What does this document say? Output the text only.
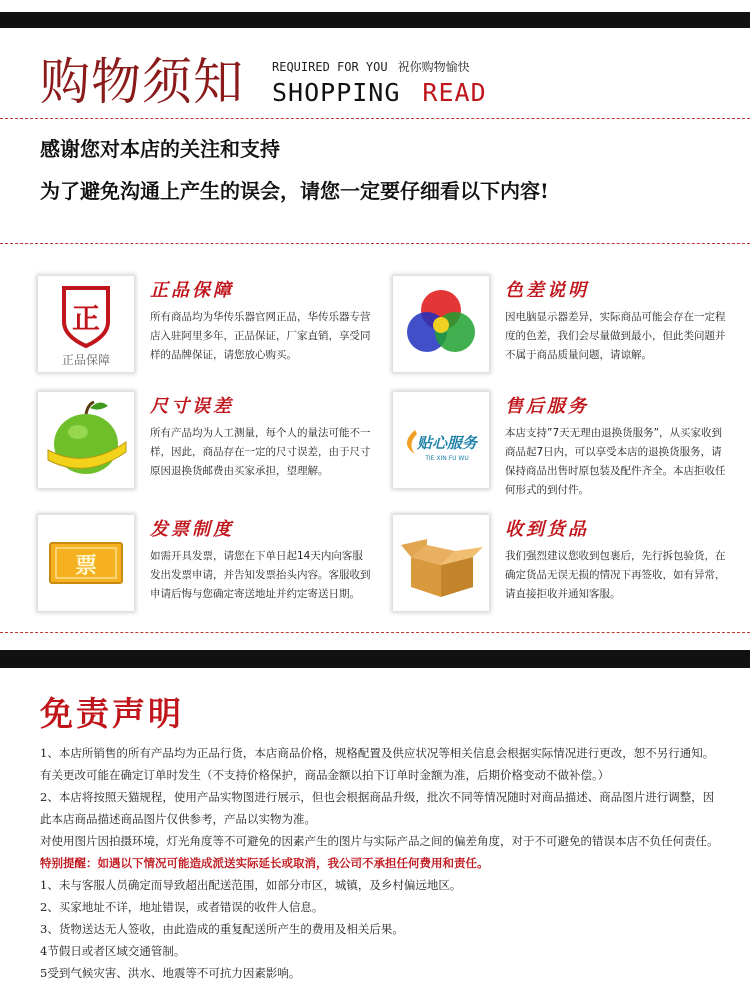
购物须知 REQUIRED FOR YOU 祝你购物愉快
SHOPPING READ
感谢您对本店的关注和支持
为了避免沟通上产生的误会，请您一定要仔细看以下内容!
正
正品保障
正品保障
所有商品均为华传乐器官网正品，华传乐器专营店入驻阿里多年，正品保证，厂家直销，享受同样的品牌保证，请您放心购买。
色差说明
因电脑显示器差异，实际商品可能会存在一定程度的色差，我们会尽量做到最小，但此类问题并不属于商品质量问题，请谅解。
尺寸误差
所有产品均为人工测量，每个人的量法可能不一样，因此，商品存在一定的尺寸误差，由于尺寸原因退换货邮费由买家承担，望理解。
贴心服务
TIE XIN FU WU
售后服务
本店支持”7天无理由退换货服务”，从买家收到商品起7日内，可以享受本店的退换货服务，请保持商品出售时原包装及配件齐全。本店拒收任何形式的到付件。
票
发票制度
如需开具发票，请您在下单日起14天内向客服发出发票申请，并告知发票抬头内容。客服收到申请后悔与您确定寄送地址并约定寄送日期。
收到货品
我们强烈建议您收到包裹后，先行拆包验货，在确定货品无误无损的情况下再签收，如有异常，请直接拒收并通知客服。
免责声明

1、本店所销售的所有产品均为正品行货，本店商品价格，规格配置及供应状况等相关信息会根据实际情况进行更改，恕不另行通知。有关更改可能在确定订单时发生（不支持价格保护，商品金额以拍下订单时金额为准，后期价格变动不做补偿。）

2、本店将按照天猫规程，使用产品实物图进行展示，但也会根据商品升级，批次不同等情况随时对商品描述、商品图片进行调整，因此本店商品描述商品图片仅供参考，产品以实物为准。

对使用图片因拍摄环境，灯光角度等不可避免的因素产生的图片与实际产品之间的偏差角度，对于不可避免的错误本店不负任何责任。

特别提醒：如遇以下情况可能造成派送实际延长或取消，我公司不承担任何费用和责任。

1、未与客服人员确定而导致超出配送范围，如部分市区，城镇，及乡村偏远地区。

2、买家地址不详，地址错误，或者错误的收件人信息。

3、货物送达无人签收，由此造成的重复配送所产生的费用及相关后果。

4节假日或者区域交通管制。

5受到气候灾害、洪水、地震等不可抗力因素影响。
